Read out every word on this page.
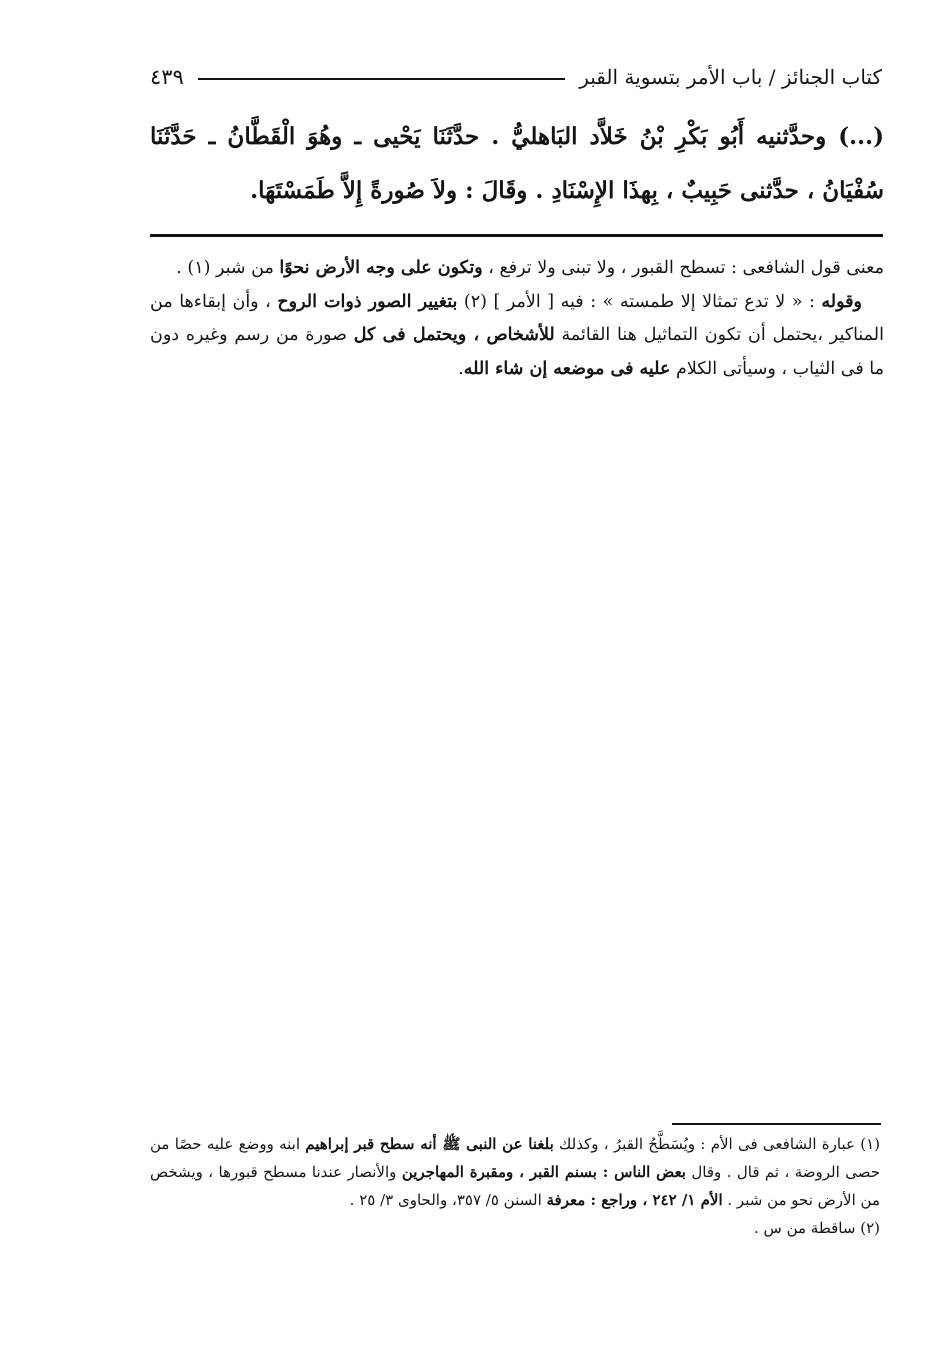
كتاب الجنائز / باب الأمر بتسوية القبر
٤٣٩

(...) وحدَّثنيه أَبُو بَكْرِ بْنُ خَلاَّد البَاهليُّ . حدَّثَنَا يَحْيى ـ وهُوَ الْقَطَّانُ ـ حَدَّثَنَا سُفْيَانُ ، حدَّثنى حَبِيبٌ ، بِهذَا الإِسْنَادِ . وقَالَ : ولاَ صُورةً إِلاَّ طَمَسْتَهَا.

معنى قول الشافعى : تسطح القبور ، ولا تبنى ولا ترفع ، وتكون على وجه الأرض نحوًا من شبر (١) .

وقوله : « لا تدع تمثالا إلا طمسته » : فيه [ الأمر ] (٢) بتغيير الصور ذوات الروح ، وأن إبقاءها من المناكير ،يحتمل أن تكون التماثيل هنا القائمة للأشخاص ، ويحتمل فى كل صورة من رسم وغيره دون ما فى الثياب ، وسيأتى الكلام عليه فى موضعه إن شاء الله.

(١) عبارة الشافعى فى الأم : ويُسَطَّحُ القبرُ ، وكذلك بلغنا عن النبى ﷺ أنه سطح قبر إبراهيم ابنه ووضع عليه حصًا من حصى الروضة ، ثم قال . وقال بعض الناس : بسنم القبر ، ومقبرة المهاجرين والأنصار عندنا مسطح قبورها ، ويشخص من الأرض نحو من شبر . الأم ١/ ٢٤٢ ، وراجع : معرفة السنن ٥/ ٣٥٧، والحاوى ٣/ ٢٥ .

(٢) ساقطة من س .
